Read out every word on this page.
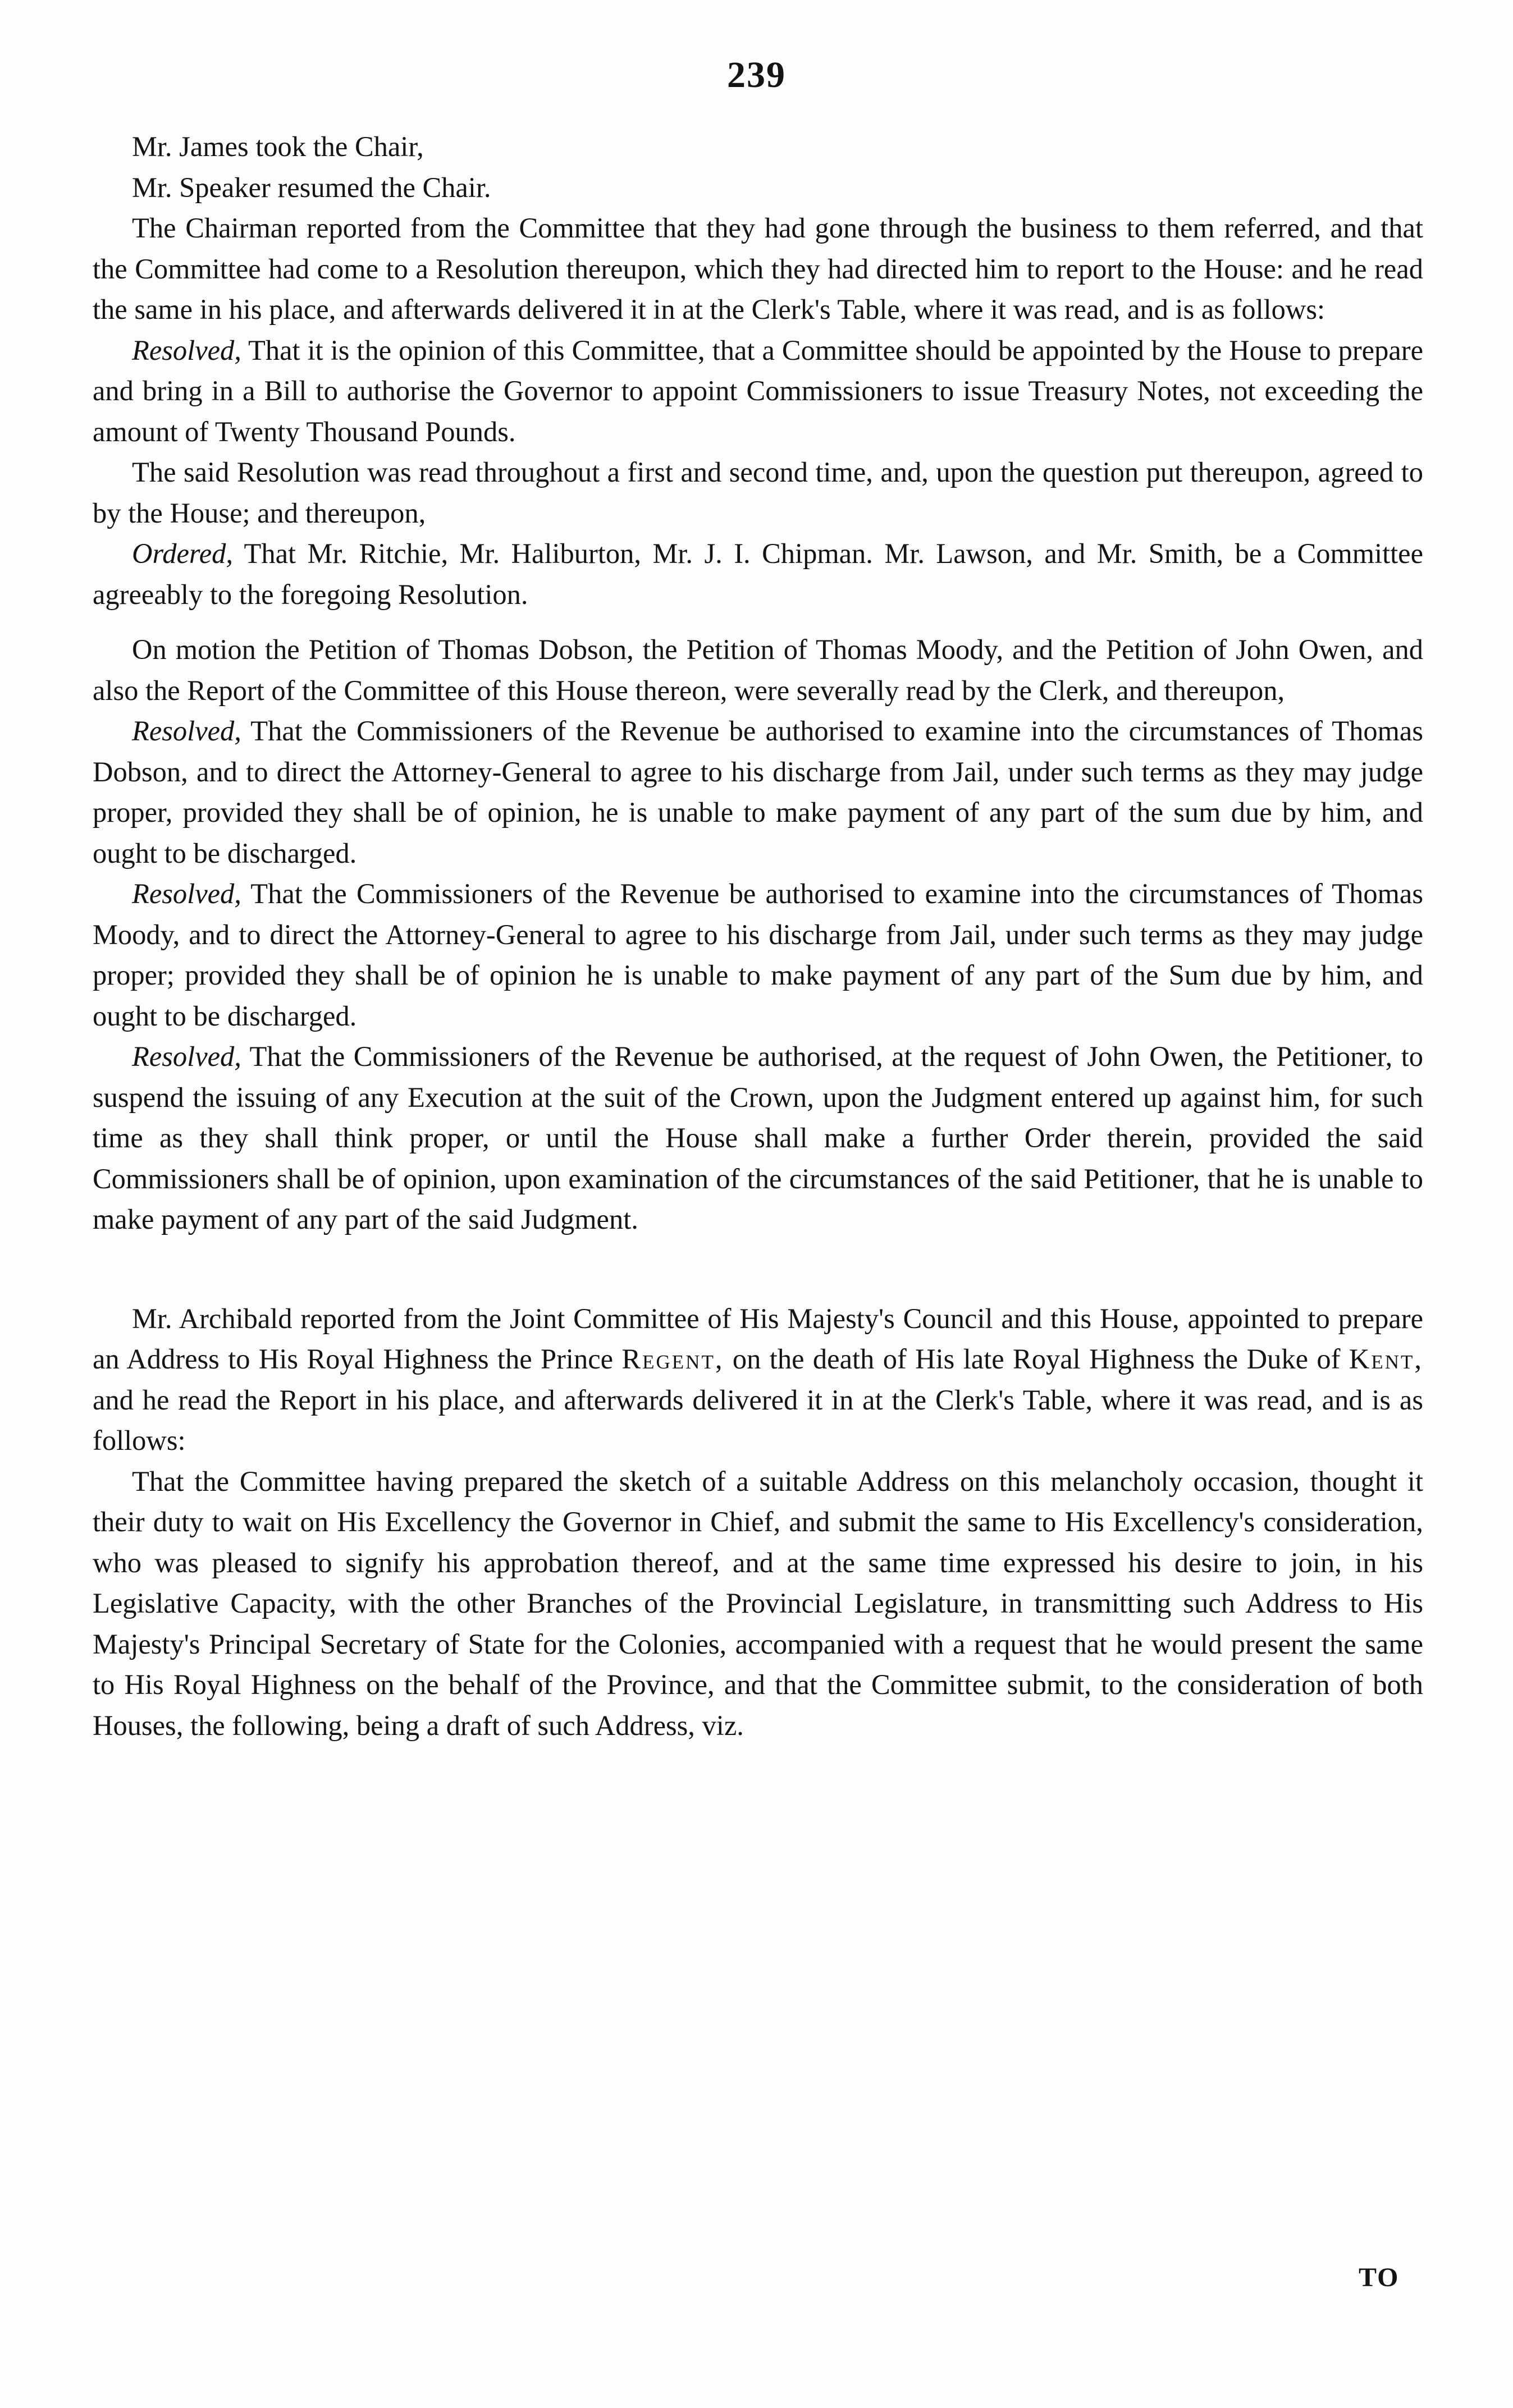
239

Mr. James took the Chair,

Mr. Speaker resumed the Chair.

The Chairman reported from the Committee that they had gone through the business to them referred, and that the Committee had come to a Resolution thereupon, which they had directed him to report to the House: and he read the same in his place, and afterwards delivered it in at the Clerk's Table, where it was read, and is as follows:

Resolved, That it is the opinion of this Committee, that a Committee should be appointed by the House to prepare and bring in a Bill to authorise the Governor to appoint Commissioners to issue Treasury Notes, not exceeding the amount of Twenty Thousand Pounds.

The said Resolution was read throughout a first and second time, and, upon the question put thereupon, agreed to by the House; and thereupon,

Ordered, That Mr. Ritchie, Mr. Haliburton, Mr. J. I. Chipman. Mr. Lawson, and Mr. Smith, be a Committee agreeably to the foregoing Resolution.

On motion the Petition of Thomas Dobson, the Petition of Thomas Moody, and the Petition of John Owen, and also the Report of the Committee of this House thereon, were severally read by the Clerk, and thereupon,

Resolved, That the Commissioners of the Revenue be authorised to examine into the circumstances of Thomas Dobson, and to direct the Attorney-General to agree to his discharge from Jail, under such terms as they may judge proper, provided they shall be of opinion, he is unable to make payment of any part of the sum due by him, and ought to be discharged.

Resolved, That the Commissioners of the Revenue be authorised to examine into the circumstances of Thomas Moody, and to direct the Attorney-General to agree to his discharge from Jail, under such terms as they may judge proper; provided they shall be of opinion he is unable to make payment of any part of the Sum due by him, and ought to be discharged.

Resolved, That the Commissioners of the Revenue be authorised, at the request of John Owen, the Petitioner, to suspend the issuing of any Execution at the suit of the Crown, upon the Judgment entered up against him, for such time as they shall think proper, or until the House shall make a further Order therein, provided the said Commissioners shall be of opinion, upon examination of the circumstances of the said Petitioner, that he is unable to make payment of any part of the said Judgment.

Mr. Archibald reported from the Joint Committee of His Majesty's Council and this House, appointed to prepare an Address to His Royal Highness the Prince Regent, on the death of His late Royal Highness the Duke of Kent, and he read the Report in his place, and afterwards delivered it in at the Clerk's Table, where it was read, and is as follows:

That the Committee having prepared the sketch of a suitable Address on this melancholy occasion, thought it their duty to wait on His Excellency the Governor in Chief, and submit the same to His Excellency's consideration, who was pleased to signify his approbation thereof, and at the same time expressed his desire to join, in his Legislative Capacity, with the other Branches of the Provincial Legislature, in transmitting such Address to His Majesty's Principal Secretary of State for the Colonies, accompanied with a request that he would present the same to His Royal Highness on the behalf of the Province, and that the Committee submit, to the consideration of both Houses, the following, being a draft of such Address, viz.

TO
